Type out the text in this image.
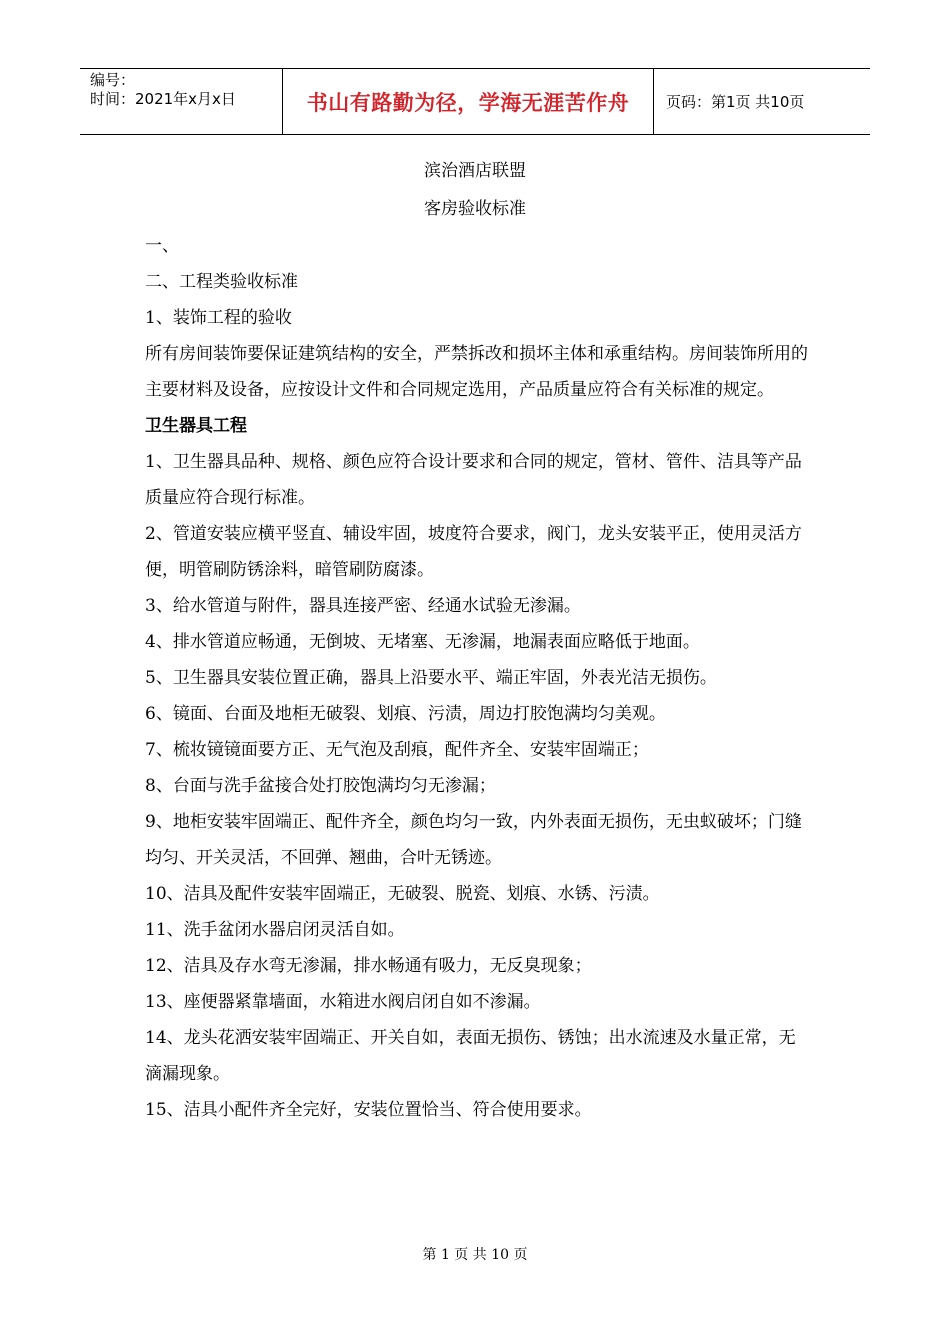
编号：
时间：2021年x月x日	书山有路勤为径，学海无涯苦作舟	页码：第1页 共10页
滨治酒店联盟
客房验收标准
一、
二、工程类验收标准
1、装饰工程的验收
所有房间装饰要保证建筑结构的安全，严禁拆改和损坏主体和承重结构。房间装饰所用的主要材料及设备，应按设计文件和合同规定选用，产品质量应符合有关标准的规定。
卫生器具工程

1、卫生器具品种、规格、颜色应符合设计要求和合同的规定，管材、管件、洁具等产品质量应符合现行标准。

2、管道安装应横平竖直、辅设牢固，坡度符合要求，阀门，龙头安装平正，使用灵活方便，明管刷防锈涂料，暗管刷防腐漆。

3、给水管道与附件，器具连接严密、经通水试验无渗漏。

4、排水管道应畅通，无倒坡、无堵塞、无渗漏，地漏表面应略低于地面。

5、卫生器具安装位置正确，器具上沿要水平、端正牢固，外表光洁无损伤。

6、镜面、台面及地柜无破裂、划痕、污渍，周边打胶饱满均匀美观。

7、梳妆镜镜面要方正、无气泡及刮痕，配件齐全、安装牢固端正；

8、台面与洗手盆接合处打胶饱满均匀无渗漏；

9、地柜安装牢固端正、配件齐全，颜色均匀一致，内外表面无损伤，无虫蚁破坏；门缝均匀、开关灵活，不回弹、翘曲，合叶无锈迹。

10、洁具及配件安装牢固端正，无破裂、脱瓷、划痕、水锈、污渍。

11、洗手盆闭水器启闭灵活自如。

12、洁具及存水弯无渗漏，排水畅通有吸力，无反臭现象；

13、座便器紧靠墙面，水箱进水阀启闭自如不渗漏。

14、龙头花洒安装牢固端正、开关自如，表面无损伤、锈蚀；出水流速及水量正常，无滴漏现象。

15、洁具小配件齐全完好，安装位置恰当、符合使用要求。

第 1 页 共 10 页
